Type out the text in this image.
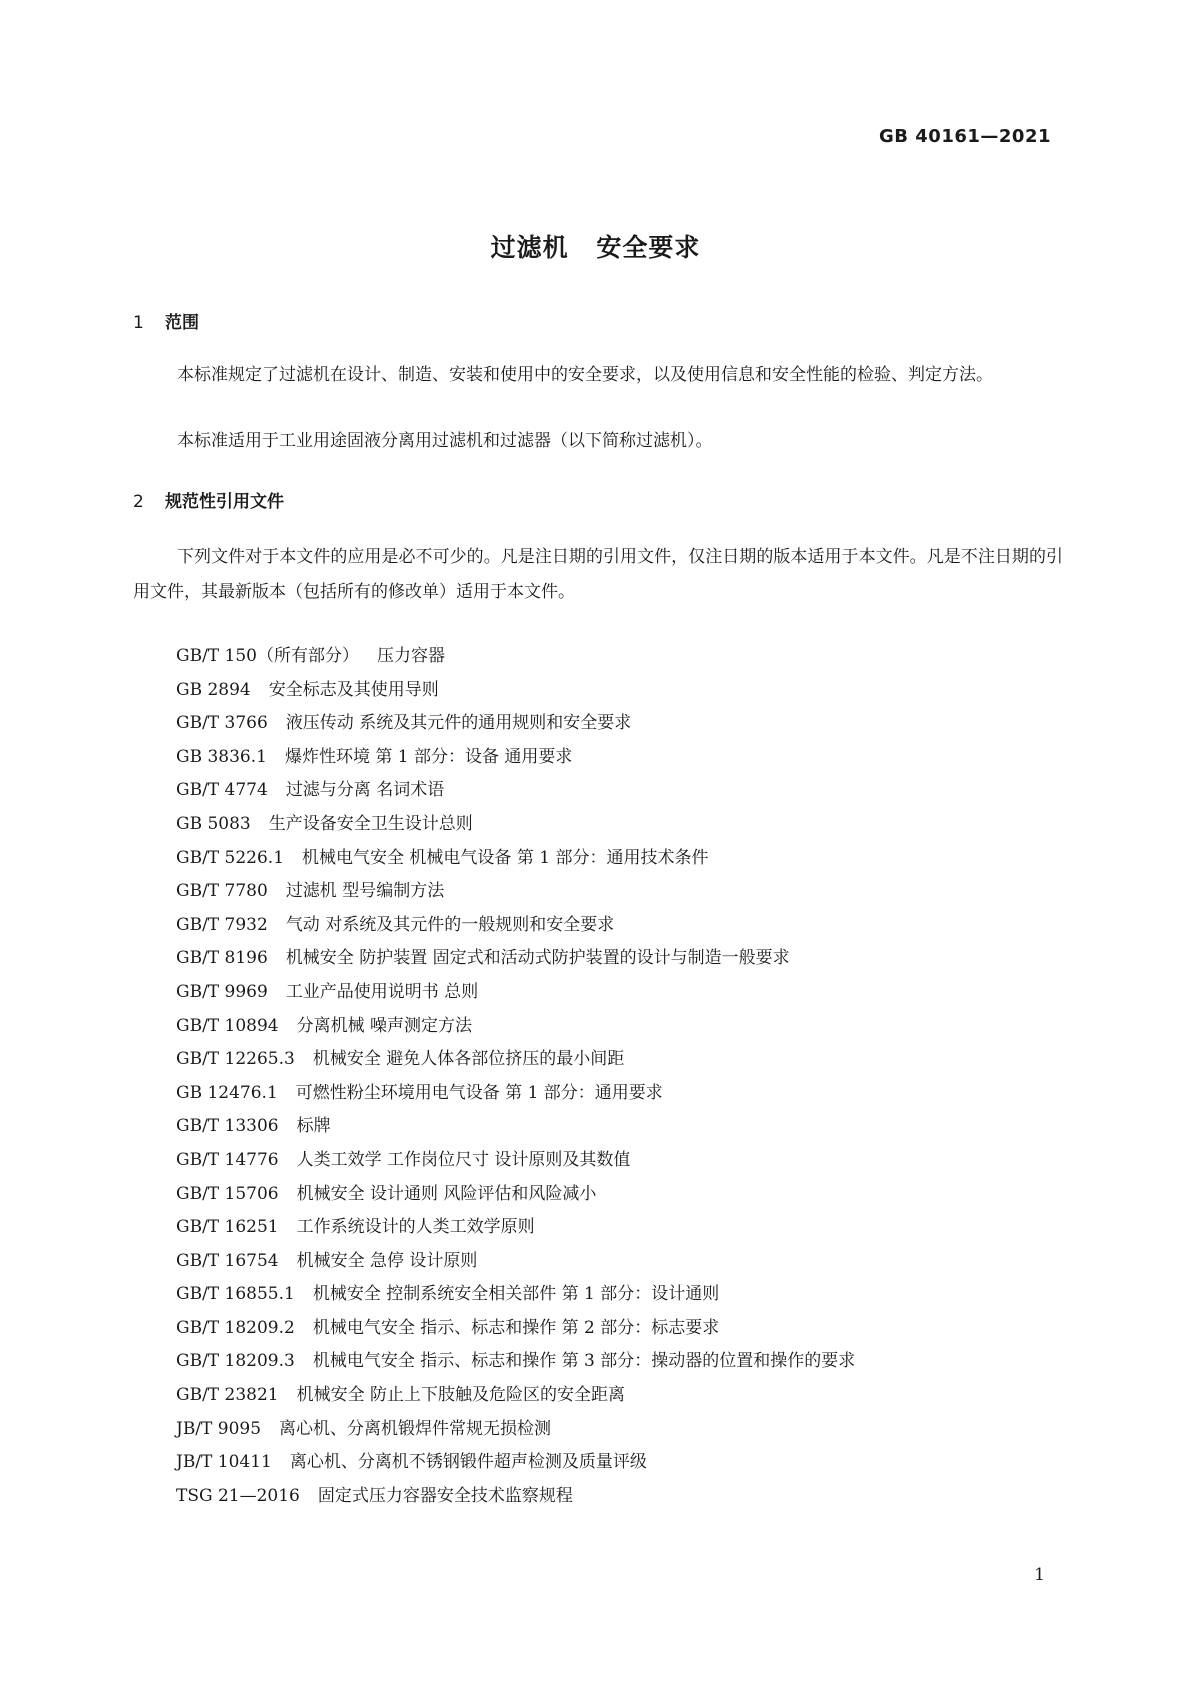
GB 40161—2021
过滤机 安全要求
1 范围
本标准规定了过滤机在设计、制造、安装和使用中的安全要求，以及使用信息和安全性能的检验、判定方法。
本标准适用于工业用途固液分离用过滤机和过滤器（以下简称过滤机）。
2 规范性引用文件
下列文件对于本文件的应用是必不可少的。凡是注日期的引用文件，仅注日期的版本适用于本文件。凡是不注日期的引用文件，其最新版本（包括所有的修改单）适用于本文件。
GB/T 150（所有部分） 压力容器
GB 2894 安全标志及其使用导则
GB/T 3766 液压传动 系统及其元件的通用规则和安全要求
GB 3836.1 爆炸性环境 第 1 部分：设备 通用要求
GB/T 4774 过滤与分离 名词术语
GB 5083 生产设备安全卫生设计总则
GB/T 5226.1 机械电气安全 机械电气设备 第 1 部分：通用技术条件
GB/T 7780 过滤机 型号编制方法
GB/T 7932 气动 对系统及其元件的一般规则和安全要求
GB/T 8196 机械安全 防护装置 固定式和活动式防护装置的设计与制造一般要求
GB/T 9969 工业产品使用说明书 总则
GB/T 10894 分离机械 噪声测定方法
GB/T 12265.3 机械安全 避免人体各部位挤压的最小间距
GB 12476.1 可燃性粉尘环境用电气设备 第 1 部分：通用要求
GB/T 13306 标牌
GB/T 14776 人类工效学 工作岗位尺寸 设计原则及其数值
GB/T 15706 机械安全 设计通则 风险评估和风险减小
GB/T 16251 工作系统设计的人类工效学原则
GB/T 16754 机械安全 急停 设计原则
GB/T 16855.1 机械安全 控制系统安全相关部件 第 1 部分：设计通则
GB/T 18209.2 机械电气安全 指示、标志和操作 第 2 部分：标志要求
GB/T 18209.3 机械电气安全 指示、标志和操作 第 3 部分：操动器的位置和操作的要求
GB/T 23821 机械安全 防止上下肢触及危险区的安全距离
JB/T 9095 离心机、分离机锻焊件常规无损检测
JB/T 10411 离心机、分离机不锈钢锻件超声检测及质量评级
TSG 21—2016 固定式压力容器安全技术监察规程
1
